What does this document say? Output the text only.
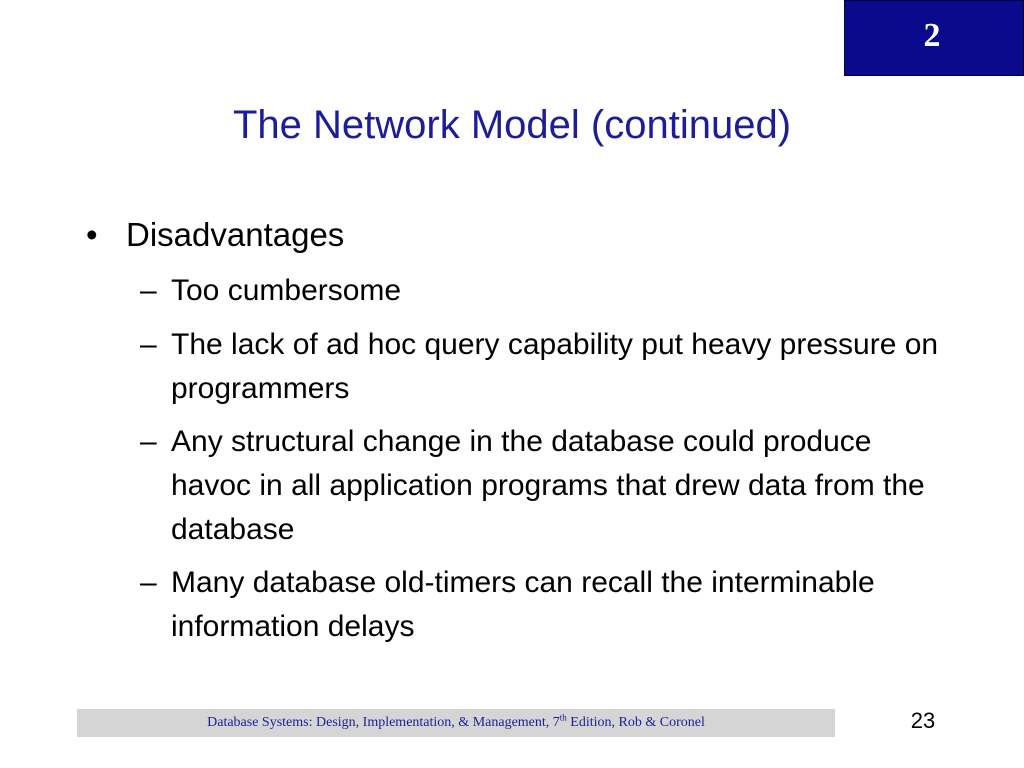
2
The Network Model (continued)
• Disadvantages
– Too cumbersome
– The lack of ad hoc query capability put heavy pressure on programmers
– Any structural change in the database could produce havoc in all application programs that drew data from the database
– Many database old-timers can recall the interminable information delays
Database Systems: Design, Implementation, & Management, 7th Edition, Rob & Coronel	23
